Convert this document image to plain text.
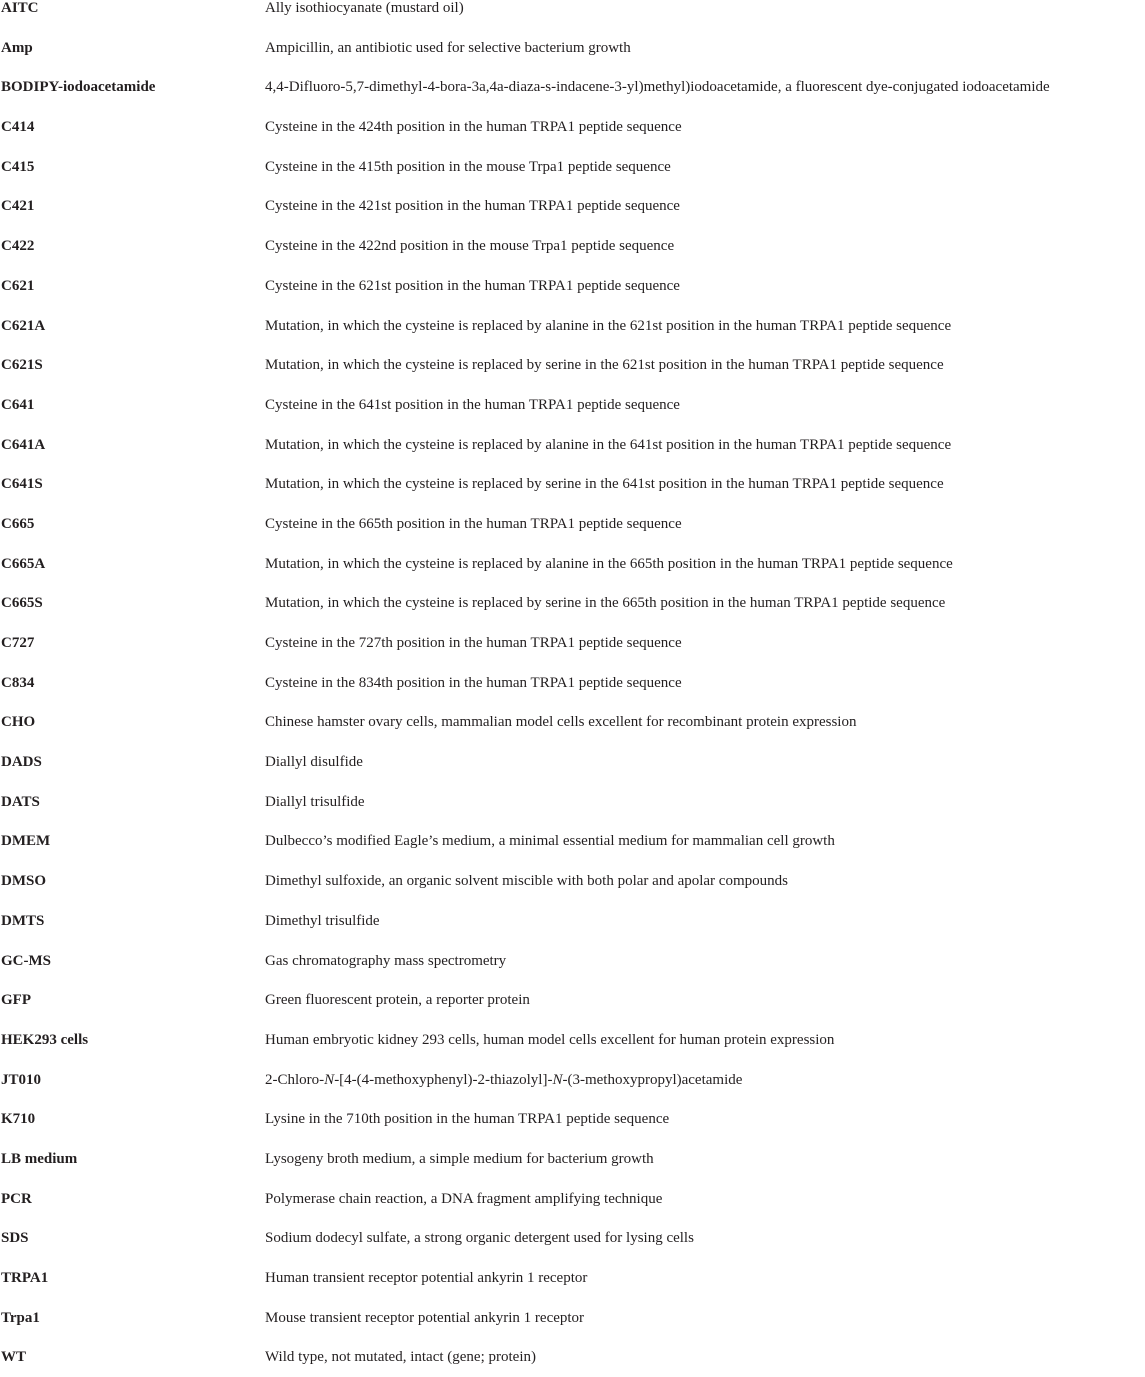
AITC	Ally isothiocyanate (mustard oil)
Amp	Ampicillin, an antibiotic used for selective bacterium growth
BODIPY-iodoacetamide	4,4-Difluoro-5,7-dimethyl-4-bora-3a,4a-diaza-s-indacene-3-yl)methyl)iodoacetamide, a fluorescent dye-conjugated iodoacetamide
C414	Cysteine in the 424th position in the human TRPA1 peptide sequence
C415	Cysteine in the 415th position in the mouse Trpa1 peptide sequence
C421	Cysteine in the 421st position in the human TRPA1 peptide sequence
C422	Cysteine in the 422nd position in the mouse Trpa1 peptide sequence
C621	Cysteine in the 621st position in the human TRPA1 peptide sequence
C621A	Mutation, in which the cysteine is replaced by alanine in the 621st position in the human TRPA1 peptide sequence
C621S	Mutation, in which the cysteine is replaced by serine in the 621st position in the human TRPA1 peptide sequence
C641	Cysteine in the 641st position in the human TRPA1 peptide sequence
C641A	Mutation, in which the cysteine is replaced by alanine in the 641st position in the human TRPA1 peptide sequence
C641S	Mutation, in which the cysteine is replaced by serine in the 641st position in the human TRPA1 peptide sequence
C665	Cysteine in the 665th position in the human TRPA1 peptide sequence
C665A	Mutation, in which the cysteine is replaced by alanine in the 665th position in the human TRPA1 peptide sequence
C665S	Mutation, in which the cysteine is replaced by serine in the 665th position in the human TRPA1 peptide sequence
C727	Cysteine in the 727th position in the human TRPA1 peptide sequence
C834	Cysteine in the 834th position in the human TRPA1 peptide sequence
CHO	Chinese hamster ovary cells, mammalian model cells excellent for recombinant protein expression
DADS	Diallyl disulfide
DATS	Diallyl trisulfide
DMEM	Dulbecco’s modified Eagle’s medium, a minimal essential medium for mammalian cell growth
DMSO	Dimethyl sulfoxide, an organic solvent miscible with both polar and apolar compounds
DMTS	Dimethyl trisulfide
GC-MS	Gas chromatography mass spectrometry
GFP	Green fluorescent protein, a reporter protein
HEK293 cells	Human embryotic kidney 293 cells, human model cells excellent for human protein expression
JT010	2-Chloro-N-[4-(4-methoxyphenyl)-2-thiazolyl]-N-(3-methoxypropyl)acetamide
K710	Lysine in the 710th position in the human TRPA1 peptide sequence
LB medium	Lysogeny broth medium, a simple medium for bacterium growth
PCR	Polymerase chain reaction, a DNA fragment amplifying technique
SDS	Sodium dodecyl sulfate, a strong organic detergent used for lysing cells
TRPA1	Human transient receptor potential ankyrin 1 receptor
Trpa1	Mouse transient receptor potential ankyrin 1 receptor
WT	Wild type, not mutated, intact (gene; protein)
